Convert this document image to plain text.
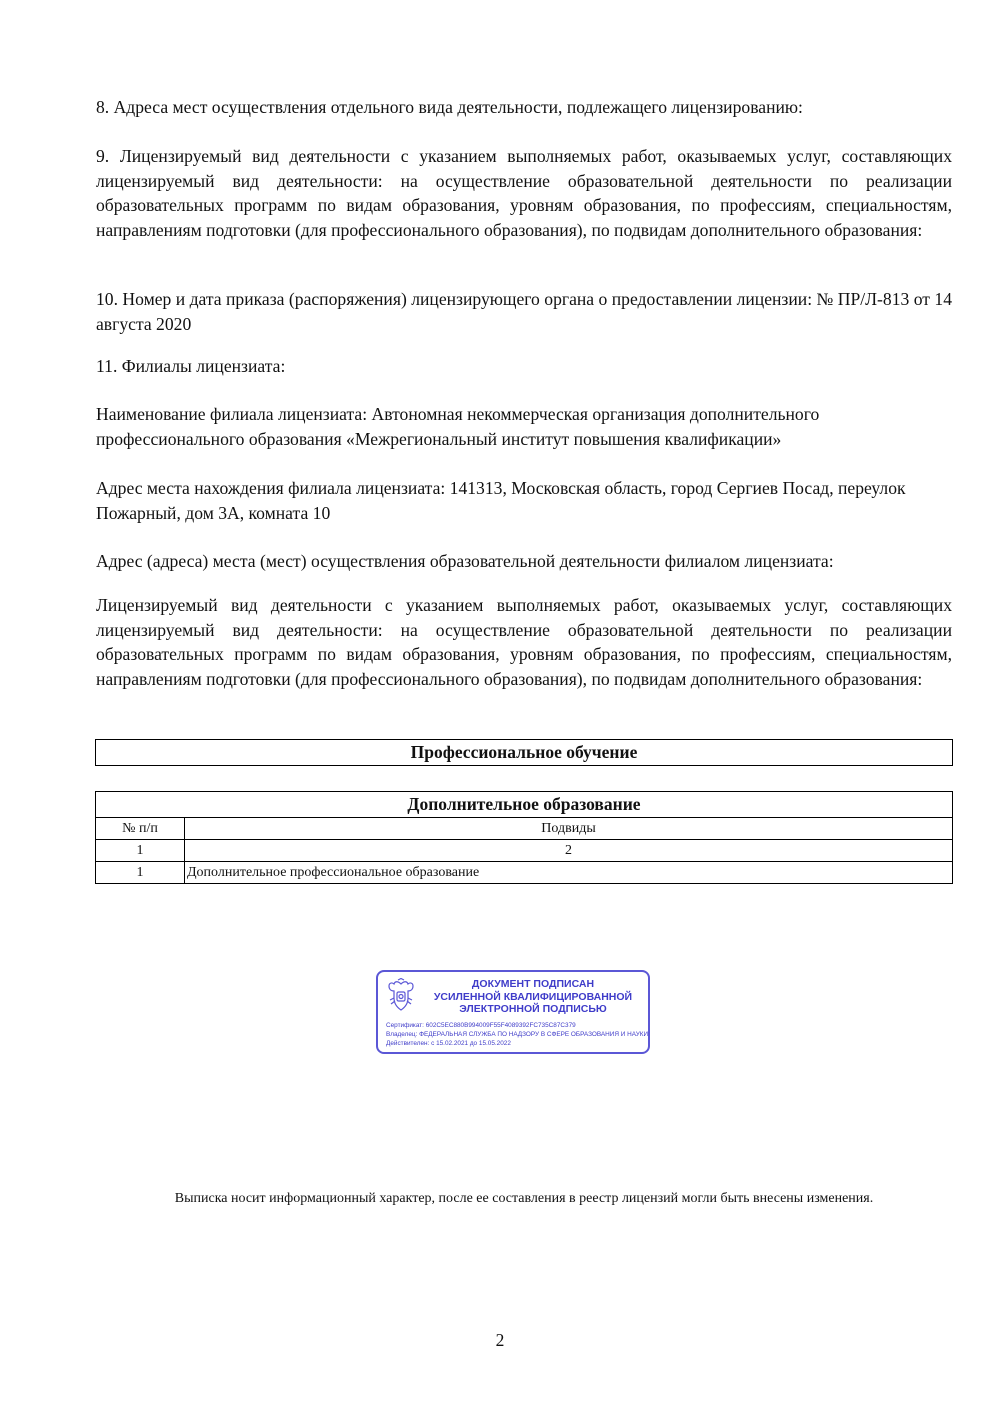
8. Адреса мест осуществления отдельного вида деятельности, подлежащего лицензированию:

9. Лицензируемый вид деятельности с указанием выполняемых работ, оказываемых услуг, составляющих лицензируемый вид деятельности: на осуществление образовательной деятельности по реализации образовательных программ по видам образования, уровням образования, по профессиям, специальностям, направлениям подготовки (для профессионального образования), по подвидам дополнительного образования:

10. Номер и дата приказа (распоряжения) лицензирующего органа о предоставлении лицензии: № ПР/Л-813 от 14 августа 2020

11. Филиалы лицензиата:

Наименование филиала лицензиата: Автономная некоммерческая организация дополнительного профессионального образования «Межрегиональный институт повышения квалификации»

Адрес места нахождения филиала лицензиата: 141313, Московская область, город Сергиев Посад, переулок Пожарный, дом 3А, комната 10

Адрес (адреса) места (мест) осуществления образовательной деятельности филиалом лицензиата:

Лицензируемый вид деятельности с указанием выполняемых работ, оказываемых услуг, составляющих лицензируемый вид деятельности: на осуществление образовательной деятельности по реализации образовательных программ по видам образования, уровням образования, по профессиям, специальностям, направлениям подготовки (для профессионального образования), по подвидам дополнительного образования:

Профессиональное обучение
Дополнительное образование	
№ п/п	Подвиды
1	2
1	Дополнительное профессиональное образование
ДОКУМЕНТ ПОДПИСАН
УСИЛЕННОЙ КВАЛИФИЦИРОВАННОЙ
ЭЛЕКТРОННОЙ ПОДПИСЬЮ
Сертификат: 602C5EC880B994009F55F4089392FC735C87C379
Владелец: ФЕДЕРАЛЬНАЯ СЛУЖБА ПО НАДЗОРУ В СФЕРЕ ОБРАЗОВАНИЯ И НАУКИ
Действителен: с 15.02.2021 до 15.05.2022
Выписка носит информационный характер, после ее составления в реестр лицензий могли быть внесены изменения.
2
